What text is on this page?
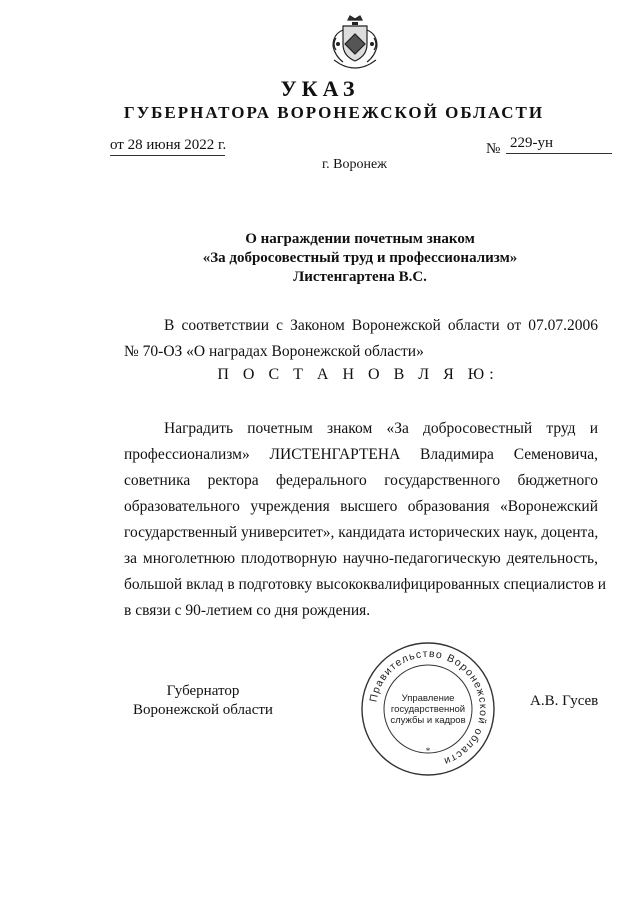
УКАЗ
ГУБЕРНАТОРА ВОРОНЕЖСКОЙ ОБЛАСТИ
от 28 июня 2022 г.	№ 229-ун
г. Воронеж
О награждении почетным знаком
«За добросовестный труд и профессионализм»
Листенгартена В.С.
В соответствии с Законом Воронежской области от 07.07.2006
№ 70-ОЗ «О наградах Воронежской области»
П О С Т А Н О В Л Я Ю:
Наградить почетным знаком «За добросовестный труд и
профессионализм» ЛИСТЕНГАРТЕНА Владимира Семеновича,
советника ректора федерального государственного бюджетного
образовательного учреждения высшего образования «Воронежский
государственный университет», кандидата исторических наук, доцента,
за многолетнюю плодотворную научно-педагогическую деятельность,
большой вклад в подготовку высококвалифицированных специалистов и
в связи с 90-летием со дня рождения.
Губернатор
Воронежской области
Правительство Воронежской области
*
Управление
государственной
службы и кадров
А.В. Гусев
